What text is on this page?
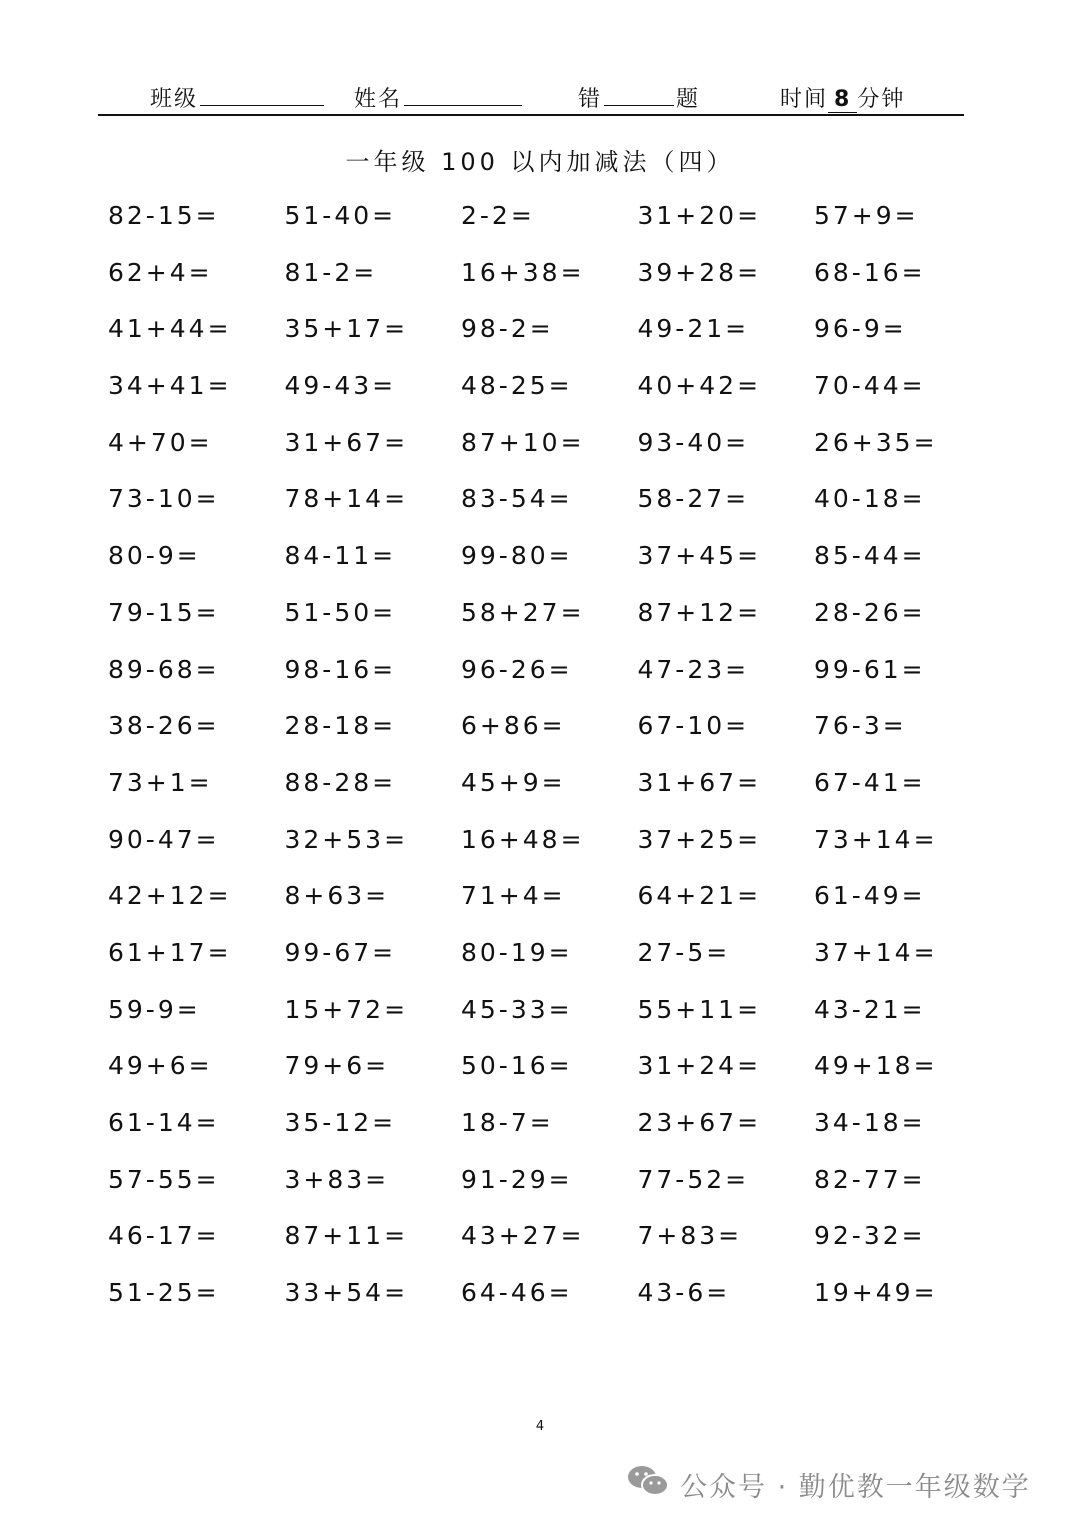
班级	姓名	错	题	时间 8 分钟
一年级 100 以内加减法（四）
82-15=	51-40=	2-2=	31+20=	57+9=
62+4=	81-2=	16+38=	39+28=	68-16=
41+44=	35+17=	98-2=	49-21=	96-9=
34+41=	49-43=	48-25=	40+42=	70-44=
4+70=	31+67=	87+10=	93-40=	26+35=
73-10=	78+14=	83-54=	58-27=	40-18=
80-9=	84-11=	99-80=	37+45=	85-44=
79-15=	51-50=	58+27=	87+12=	28-26=
89-68=	98-16=	96-26=	47-23=	99-61=
38-26=	28-18=	6+86=	67-10=	76-3=
73+1=	88-28=	45+9=	31+67=	67-41=
90-47=	32+53=	16+48=	37+25=	73+14=
42+12=	8+63=	71+4=	64+21=	61-49=
61+17=	99-67=	80-19=	27-5=	37+14=
59-9=	15+72=	45-33=	55+11=	43-21=
49+6=	79+6=	50-16=	31+24=	49+18=
61-14=	35-12=	18-7=	23+67=	34-18=
57-55=	3+83=	91-29=	77-52=	82-77=
46-17=	87+11=	43+27=	7+83=	92-32=
51-25=	33+54=	64-46=	43-6=	19+49=
4
公众号 · 勤优教一年级数学
